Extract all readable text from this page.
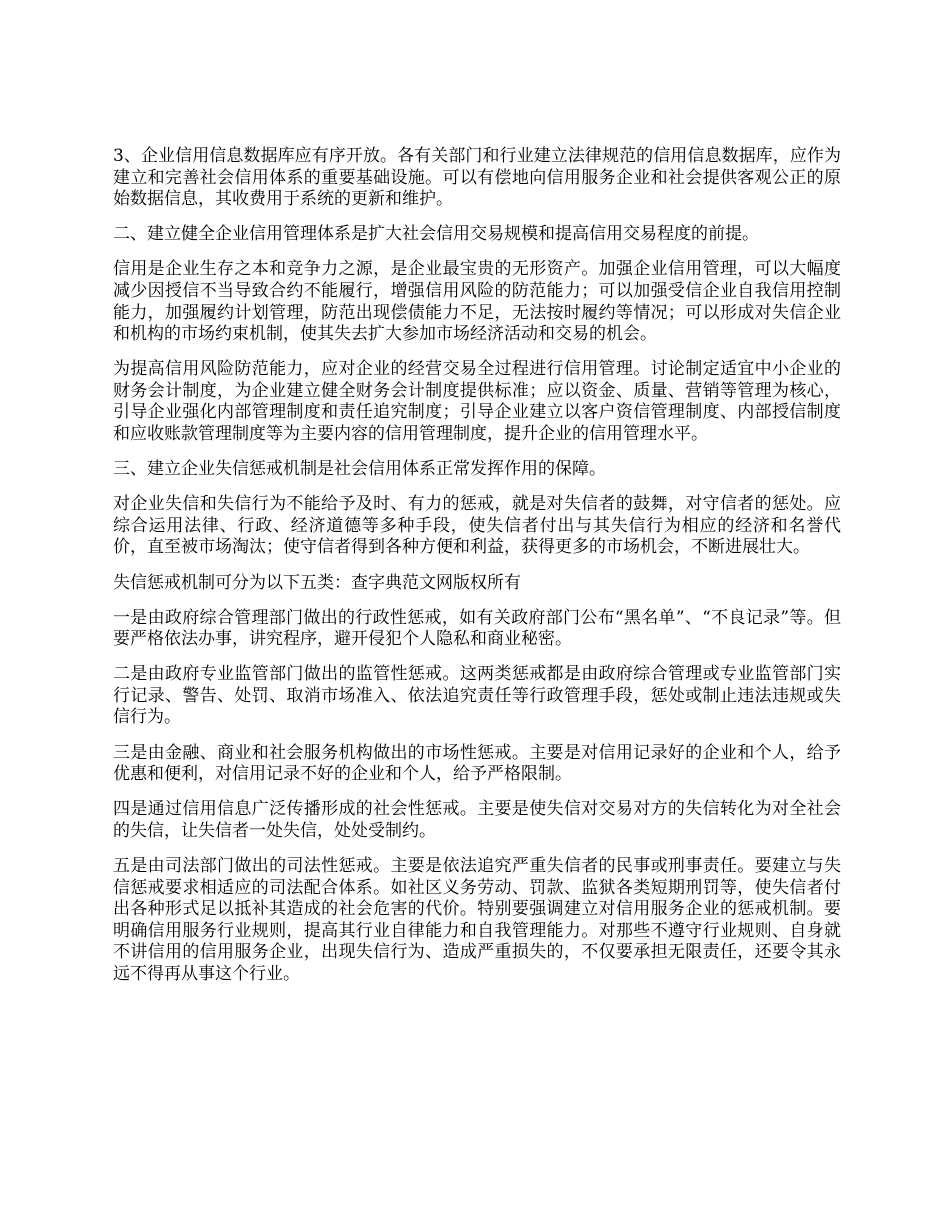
3、企业信用信息数据库应有序开放。各有关部门和行业建立法律规范的信用信息数据库，应作为建立和完善社会信用体系的重要基础设施。可以有偿地向信用服务企业和社会提供客观公正的原始数据信息，其收费用于系统的更新和维护。

二、建立健全企业信用管理体系是扩大社会信用交易规模和提高信用交易程度的前提。

信用是企业生存之本和竞争力之源，是企业最宝贵的无形资产。加强企业信用管理，可以大幅度减少因授信不当导致合约不能履行，增强信用风险的防范能力；可以加强受信企业自我信用控制能力，加强履约计划管理，防范出现偿债能力不足，无法按时履约等情况；可以形成对失信企业和机构的市场约束机制，使其失去扩大参加市场经济活动和交易的机会。

为提高信用风险防范能力，应对企业的经营交易全过程进行信用管理。讨论制定适宜中小企业的财务会计制度，为企业建立健全财务会计制度提供标准；应以资金、质量、营销等管理为核心，引导企业强化内部管理制度和责任追究制度；引导企业建立以客户资信管理制度、内部授信制度和应收账款管理制度等为主要内容的信用管理制度，提升企业的信用管理水平。

三、建立企业失信惩戒机制是社会信用体系正常发挥作用的保障。

对企业失信和失信行为不能给予及时、有力的惩戒，就是对失信者的鼓舞，对守信者的惩处。应综合运用法律、行政、经济道德等多种手段，使失信者付出与其失信行为相应的经济和名誉代价，直至被市场淘汰；使守信者得到各种方便和利益，获得更多的市场机会，不断进展壮大。

失信惩戒机制可分为以下五类：查字典范文网版权所有

一是由政府综合管理部门做出的行政性惩戒，如有关政府部门公布“黑名单”、“不良记录”等。但要严格依法办事，讲究程序，避开侵犯个人隐私和商业秘密。

二是由政府专业监管部门做出的监管性惩戒。这两类惩戒都是由政府综合管理或专业监管部门实行记录、警告、处罚、取消市场准入、依法追究责任等行政管理手段，惩处或制止违法违规或失信行为。

三是由金融、商业和社会服务机构做出的市场性惩戒。主要是对信用记录好的企业和个人，给予优惠和便利，对信用记录不好的企业和个人，给予严格限制。

四是通过信用信息广泛传播形成的社会性惩戒。主要是使失信对交易对方的失信转化为对全社会的失信，让失信者一处失信，处处受制约。

五是由司法部门做出的司法性惩戒。主要是依法追究严重失信者的民事或刑事责任。要建立与失信惩戒要求相适应的司法配合体系。如社区义务劳动、罚款、监狱各类短期刑罚等，使失信者付出各种形式足以抵补其造成的社会危害的代价。特别要强调建立对信用服务企业的惩戒机制。要明确信用服务行业规则，提高其行业自律能力和自我管理能力。对那些不遵守行业规则、自身就不讲信用的信用服务企业，出现失信行为、造成严重损失的，不仅要承担无限责任，还要令其永远不得再从事这个行业。
